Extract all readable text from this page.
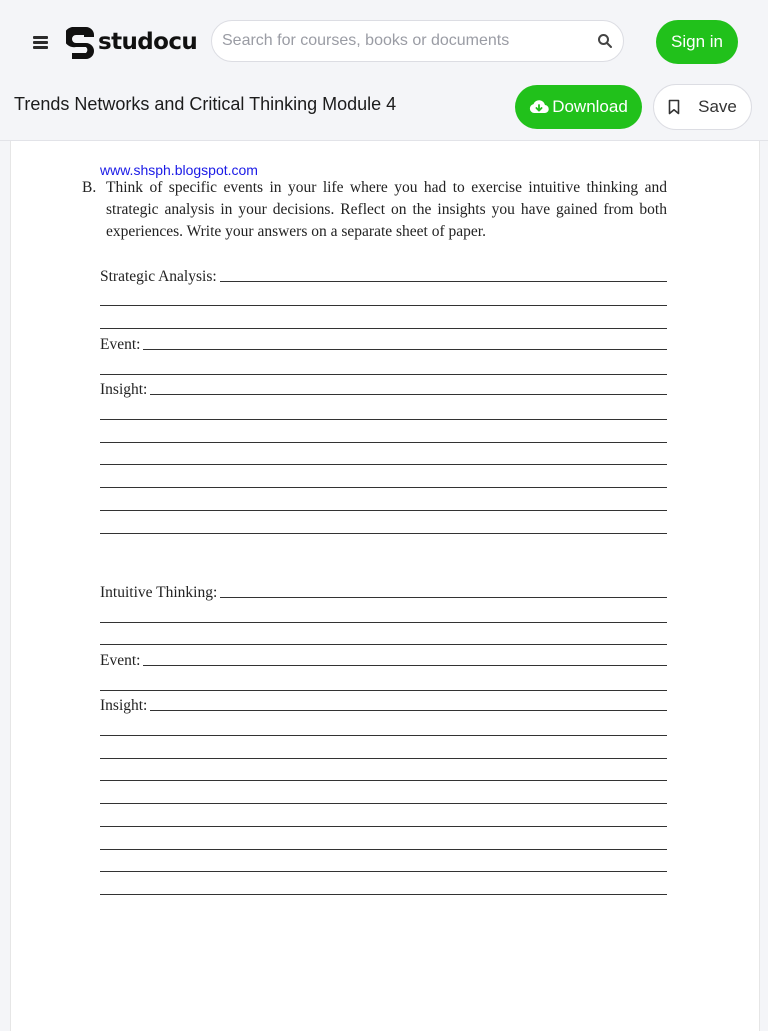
studocu
Search for courses, books or documents	Sign in
Trends Networks and Critical Thinking Module 4	Download	Save
www.shsph.blogspot.com
B. Think of specific events in your life where you had to exercise intuitive thinking and strategic analysis in your decisions. Reflect on the insights you have gained from both experiences. Write your answers on a separate sheet of paper.
Strategic Analysis:
Event:
Insight:
Intuitive Thinking:
Event:
Insight:
